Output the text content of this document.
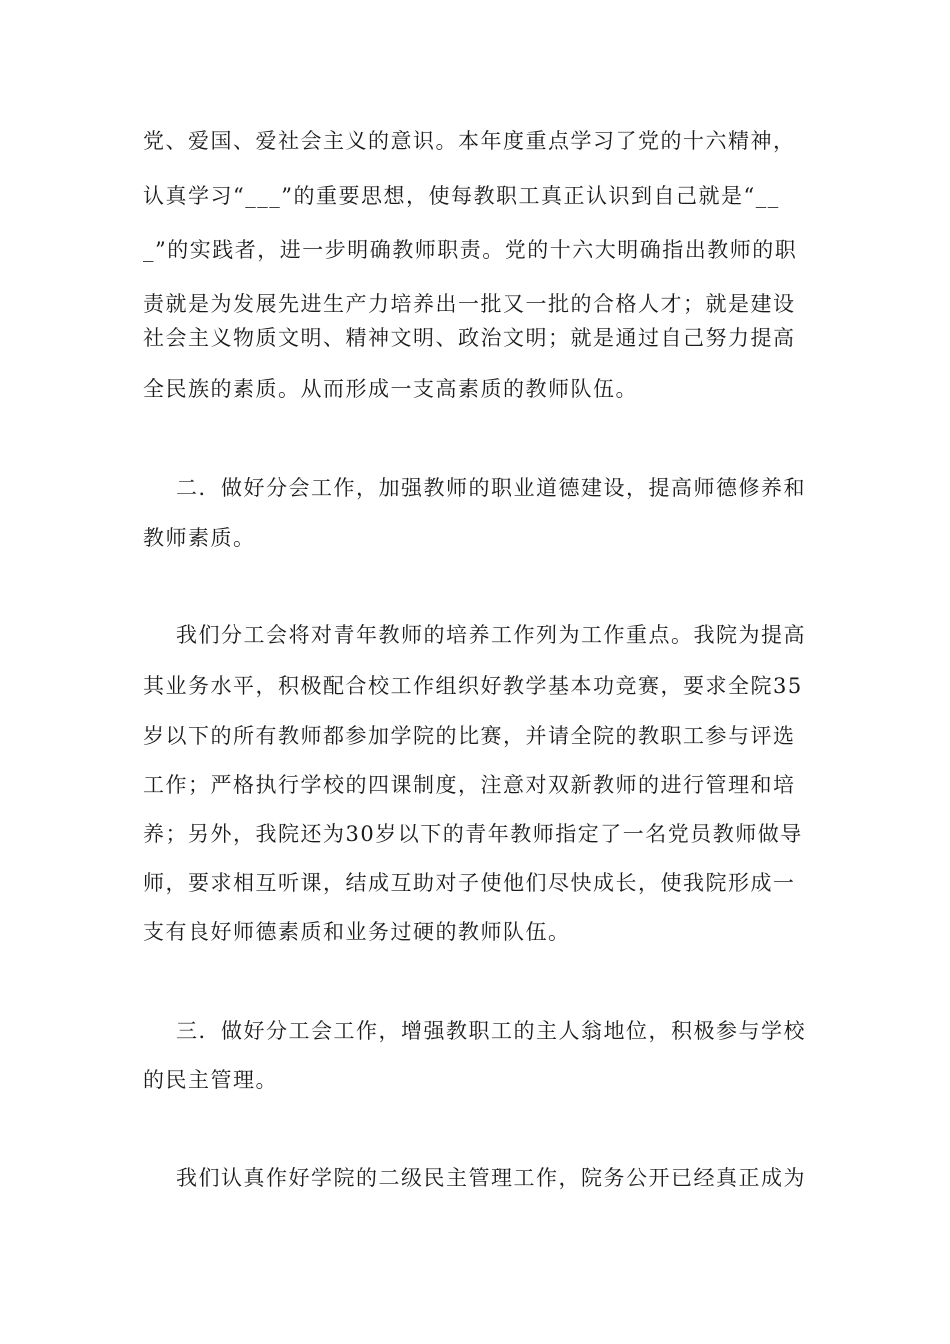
党、爱国、爱社会主义的意识。本年度重点学习了党的十六精神，
认真学习“___”的重要思想，使每教职工真正认识到自己就是“__
_”的实践者，进一步明确教师职责。党的十六大明确指出教师的职
责就是为发展先进生产力培养出一批又一批的合格人才；就是建设
社会主义物质文明、精神文明、政治文明；就是通过自己努力提高
全民族的素质。从而形成一支高素质的教师队伍。
二．做好分会工作，加强教师的职业道德建设，提高师德修养和
教师素质。
我们分工会将对青年教师的培养工作列为工作重点。我院为提高
其业务水平，积极配合校工作组织好教学基本功竞赛，要求全院35
岁以下的所有教师都参加学院的比赛，并请全院的教职工参与评选
工作；严格执行学校的四课制度，注意对双新教师的进行管理和培
养；另外，我院还为30岁以下的青年教师指定了一名党员教师做导
师，要求相互听课，结成互助对子使他们尽快成长，使我院形成一
支有良好师德素质和业务过硬的教师队伍。
三．做好分工会工作，增强教职工的主人翁地位，积极参与学校
的民主管理。
我们认真作好学院的二级民主管理工作，院务公开已经真正成为
